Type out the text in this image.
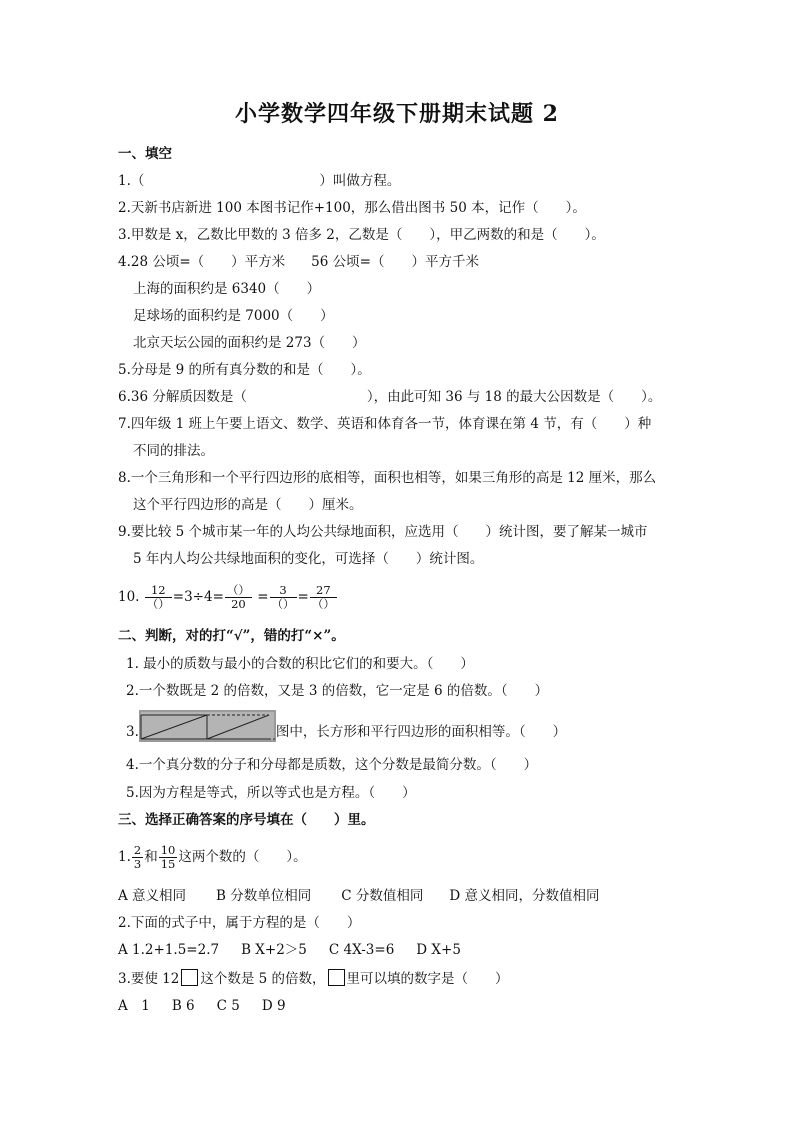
小学数学四年级下册期末试题 2
一、填空
1.（	）叫做方程。
2.天新书店新进 100 本图书记作+100，那么借出图书 50 本，记作（　　）。
3.甲数是 x，乙数比甲数的 3 倍多 2，乙数是（　　），甲乙两数的和是（　　）。
4.28 公顷=（　　）平方米 56 公顷=（　　）平方千米
上海的面积约是 6340（　　）
足球场的面积约是 7000（　　）
北京天坛公园的面积约是 273（　　）
5.分母是 9 的所有真分数的和是（　　）。
6.36 分解质因数是（	），由此可知 36 与 18 的最大公因数是（　　）。
7.四年级 1 班上午要上语文、数学、英语和体育各一节，体育课在第 4 节，有（　　）种
不同的排法。
8.一个三角形和一个平行四边形的底相等，面积也相等，如果三角形的高是 12 厘米，那么
这个平行四边形的高是（　　）厘米。
9.要比较 5 个城市某一年的人均公共绿地面积，应选用（　　）统计图，要了解某一城市
5 年内人均公共绿地面积的变化，可选择（　　）统计图。
10. $\frac{12}{()} =3\div 4= \frac{()}{20} = \frac{3}{()} = \frac{27}{()}$
二、判断，对的打“√”，错的打“×”。
1. 最小的质数与最小的合数的积比它们的和要大。（　　）
2.一个数既是 2 的倍数，又是 3 的倍数，它一定是 6 的倍数。（　　）
3.	图中，长方形和平行四边形的面积相等。（　　）
4.一个真分数的分子和分母都是质数，这个分数是最简分数。（　　）
5.因为方程是等式，所以等式也是方程。（　　）
三、选择正确答案的序号填在（　　）里。
1. $\frac{2}{3}$ 和 $\frac{10}{15}$ 这两个数的（　　）。
A 意义相同 B 分数单位相同 C 分数值相同 D 意义相同，分数值相同
2.下面的式子中，属于方程的是（　　）
A 1.2+1.5=2.7 B X+2＞5 C 4X-3=6 D X+5
3.要使 12 这个数是 5 的倍数， 里可以填的数字是（　　）
A　1 B 6 C 5 D 9
